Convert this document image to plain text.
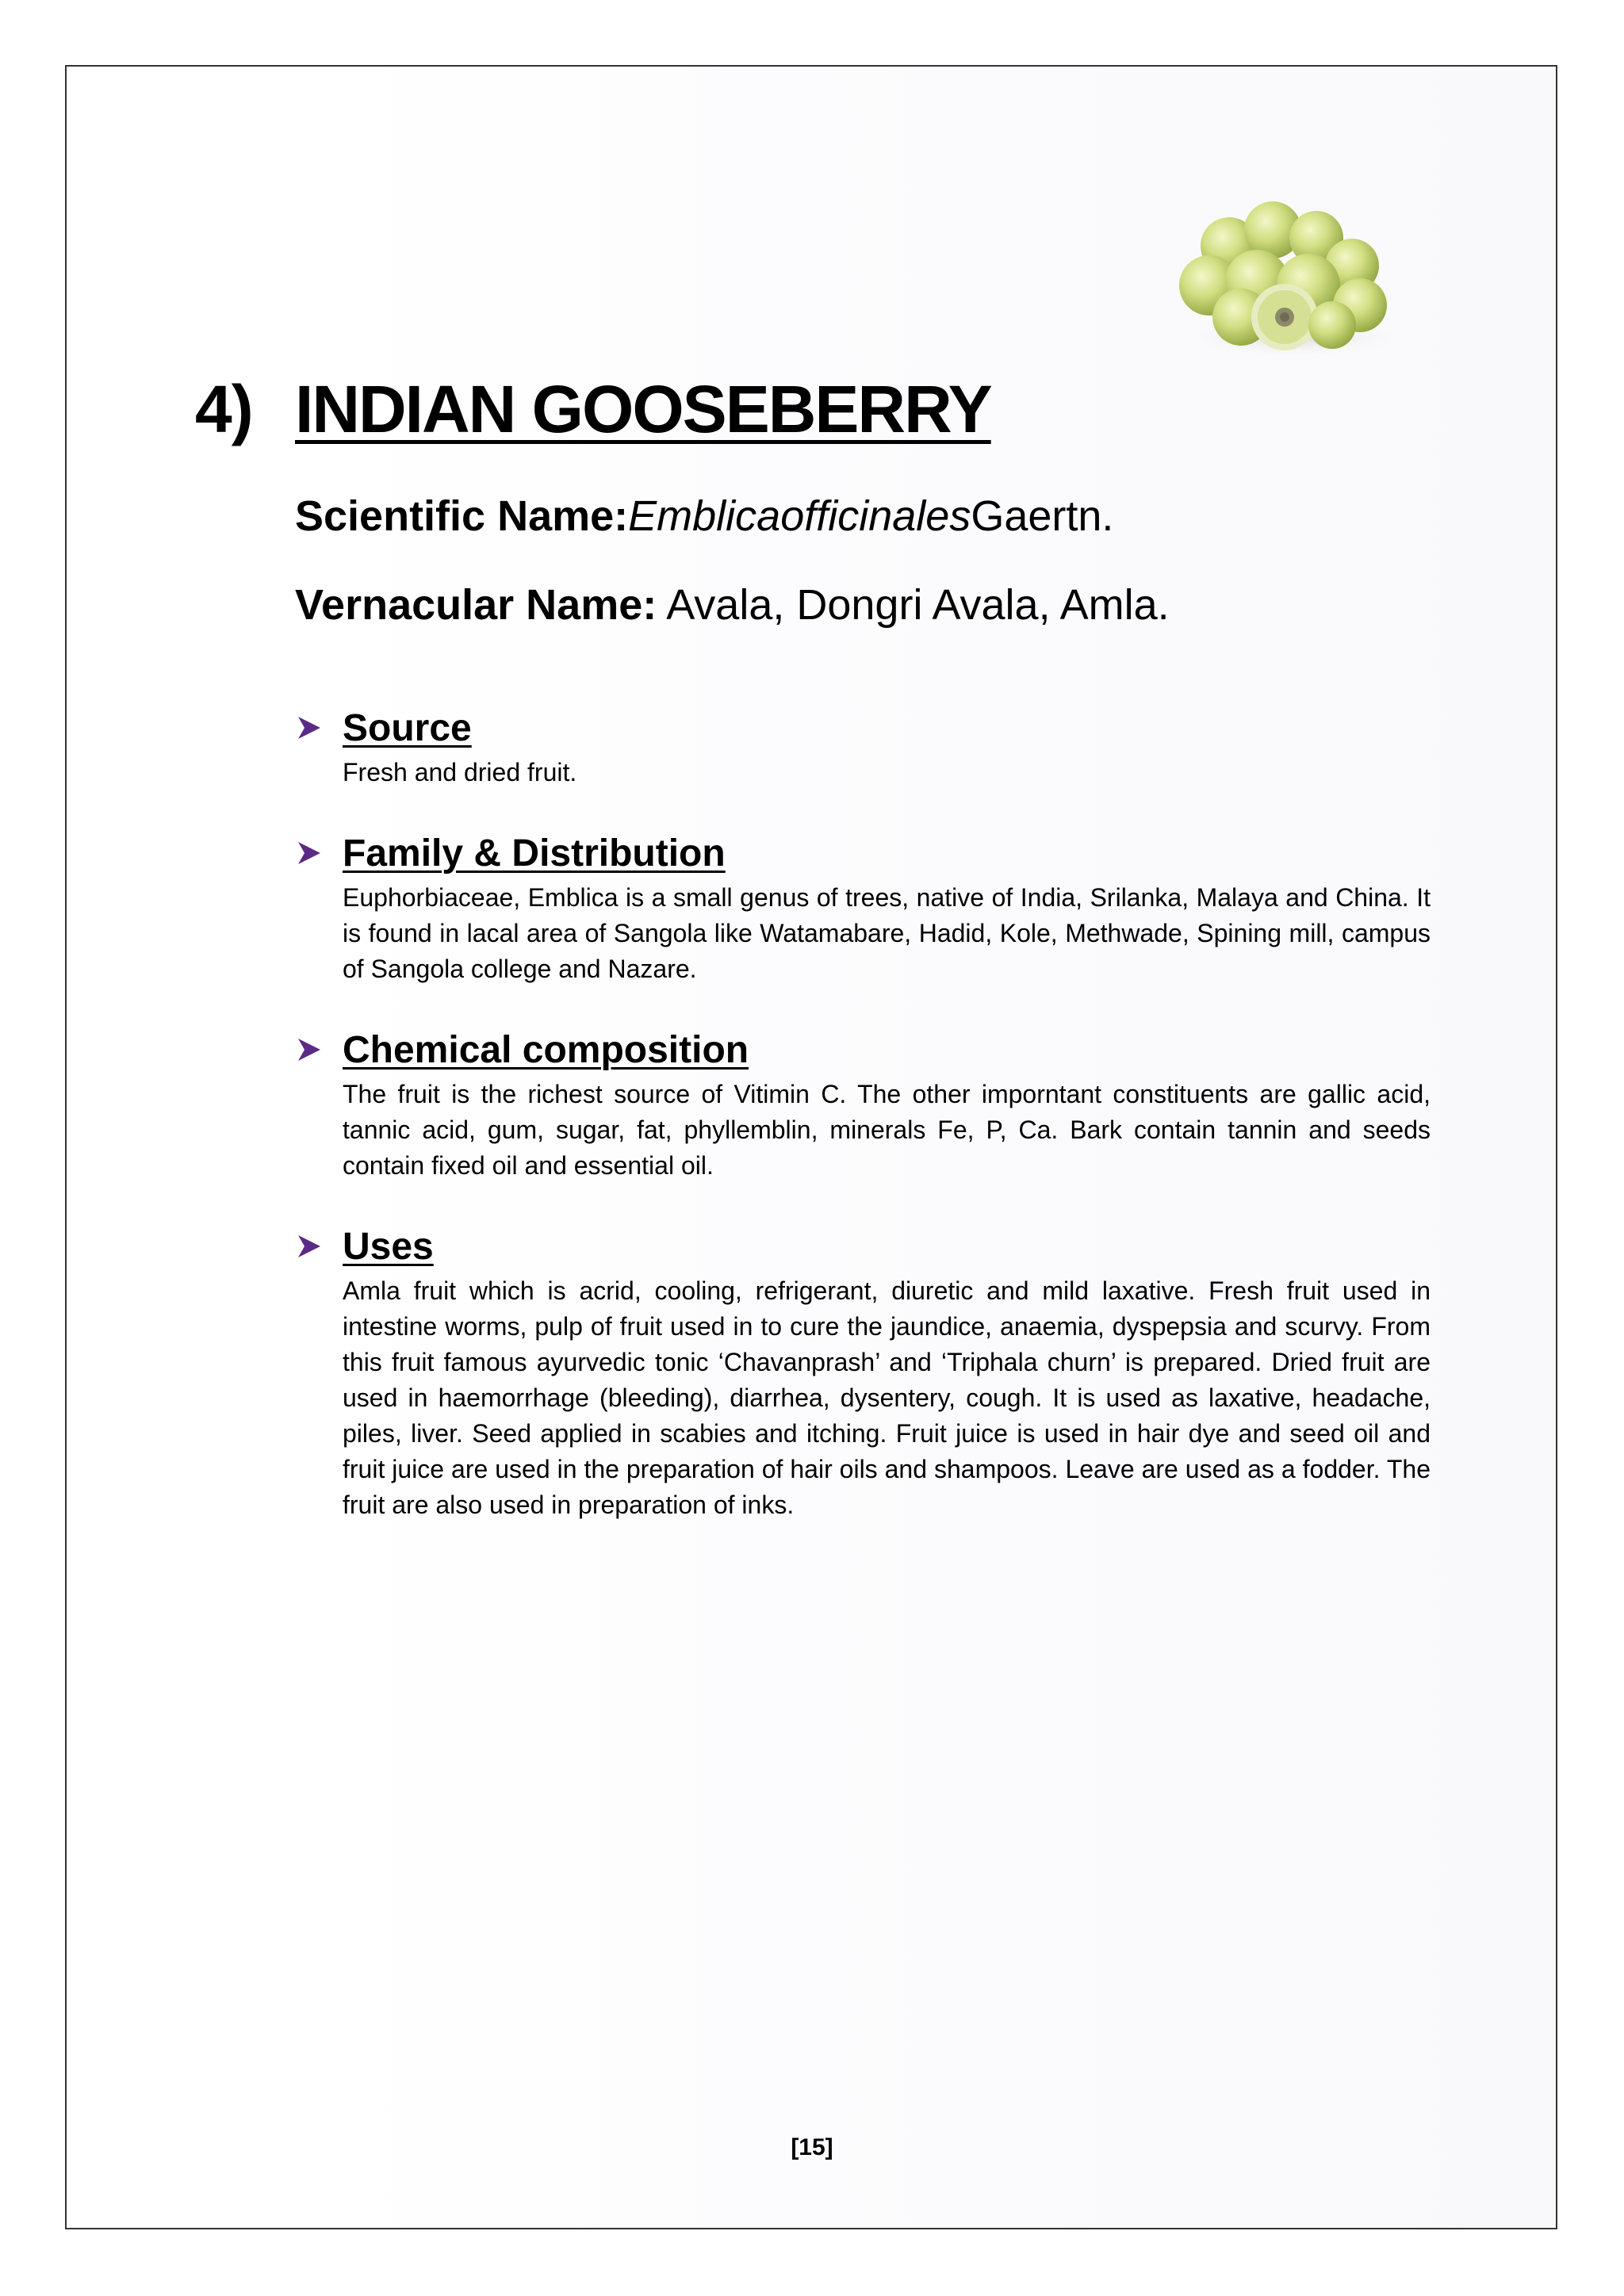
4) INDIAN GOOSEBERRY
Scientific Name:EmblicaofficinalesGaertn.
Vernacular Name: Avala, Dongri Avala, Amla.
Source
Fresh and dried fruit.
Family & Distribution
Euphorbiaceae, Emblica is a small genus of trees, native of India, Srilanka, Malaya and China. It is found in lacal area of Sangola like Watamabare, Hadid, Kole, Methwade, Spining mill, campus of Sangola college and Nazare.
Chemical composition
The fruit is the richest source of Vitimin C. The other imporntant constituents are gallic acid, tannic acid, gum, sugar, fat, phyllemblin, minerals Fe, P, Ca. Bark contain tannin and seeds contain fixed oil and essential oil.
Uses
Amla fruit which is acrid, cooling, refrigerant, diuretic and mild laxative. Fresh fruit used in intestine worms, pulp of fruit used in to cure the jaundice, anaemia, dyspepsia and scurvy. From this fruit famous ayurvedic tonic ‘Chavanprash’ and ‘Triphala churn’ is prepared. Dried fruit are used in haemorrhage (bleeding), diarrhea, dysentery, cough. It is used as laxative, headache, piles, liver. Seed applied in scabies and itching. Fruit juice is used in hair dye and seed oil and fruit juice are used in the preparation of hair oils and shampoos. Leave are used as a fodder. The fruit are also used in preparation of inks.
[15]
